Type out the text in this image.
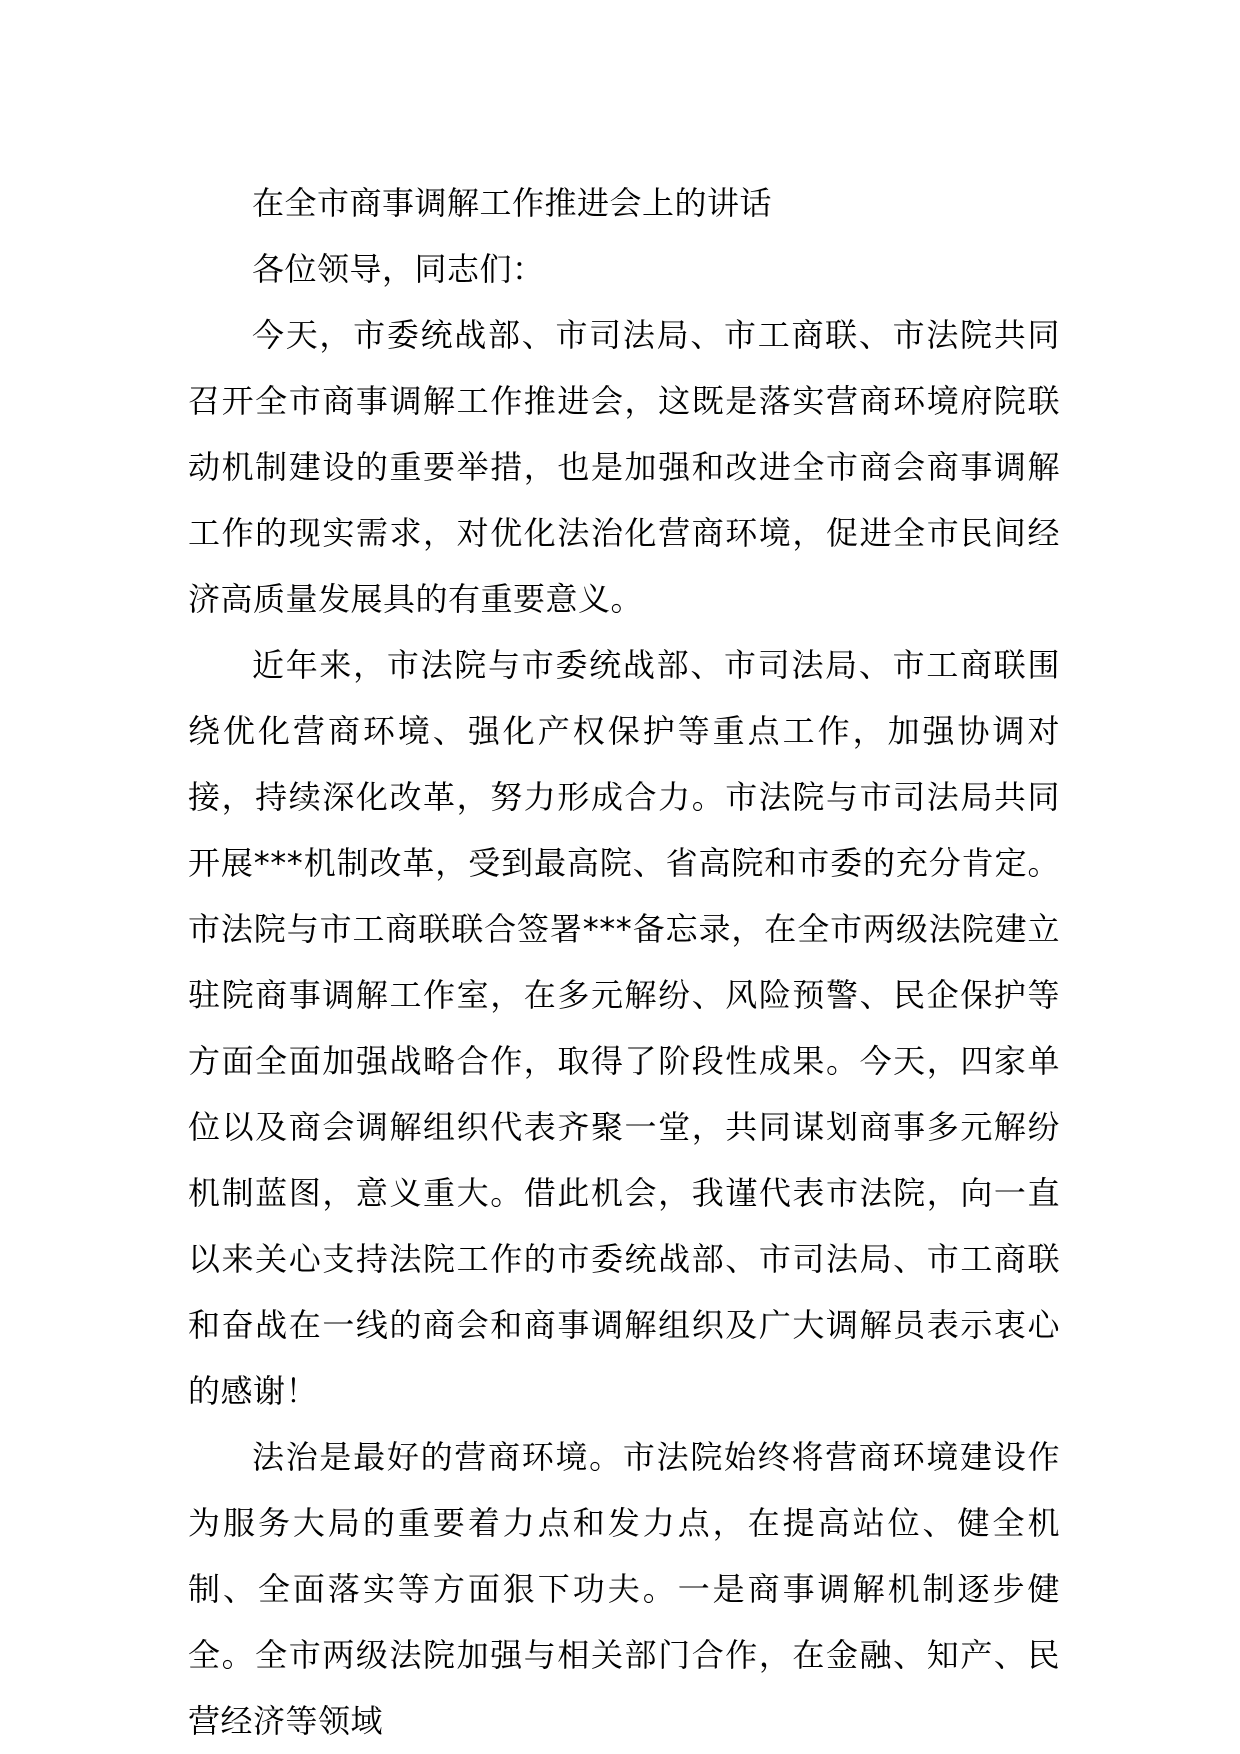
在全市商事调解工作推进会上的讲话

各位领导，同志们：

今天，市委统战部、市司法局、市工商联、市法院共同召开全市商事调解工作推进会，这既是落实营商环境府院联动机制建设的重要举措，也是加强和改进全市商会商事调解工作的现实需求，对优化法治化营商环境，促进全市民间经济高质量发展具的有重要意义。

近年来，市法院与市委统战部、市司法局、市工商联围绕优化营商环境、强化产权保护等重点工作，加强协调对接，持续深化改革，努力形成合力。市法院与市司法局共同开展***机制改革，受到最高院、省高院和市委的充分肯定。市法院与市工商联联合签署***备忘录，在全市两级法院建立驻院商事调解工作室，在多元解纷、风险预警、民企保护等方面全面加强战略合作，取得了阶段性成果。今天，四家单位以及商会调解组织代表齐聚一堂，共同谋划商事多元解纷机制蓝图，意义重大。借此机会，我谨代表市法院，向一直以来关心支持法院工作的市委统战部、市司法局、市工商联和奋战在一线的商会和商事调解组织及广大调解员表示衷心的感谢！

法治是最好的营商环境。市法院始终将营商环境建设作为服务大局的重要着力点和发力点，在提高站位、健全机制、全面落实等方面狠下功夫。一是商事调解机制逐步健全。全市两级法院加强与相关部门合作，在金融、知产、民营经济等领域
